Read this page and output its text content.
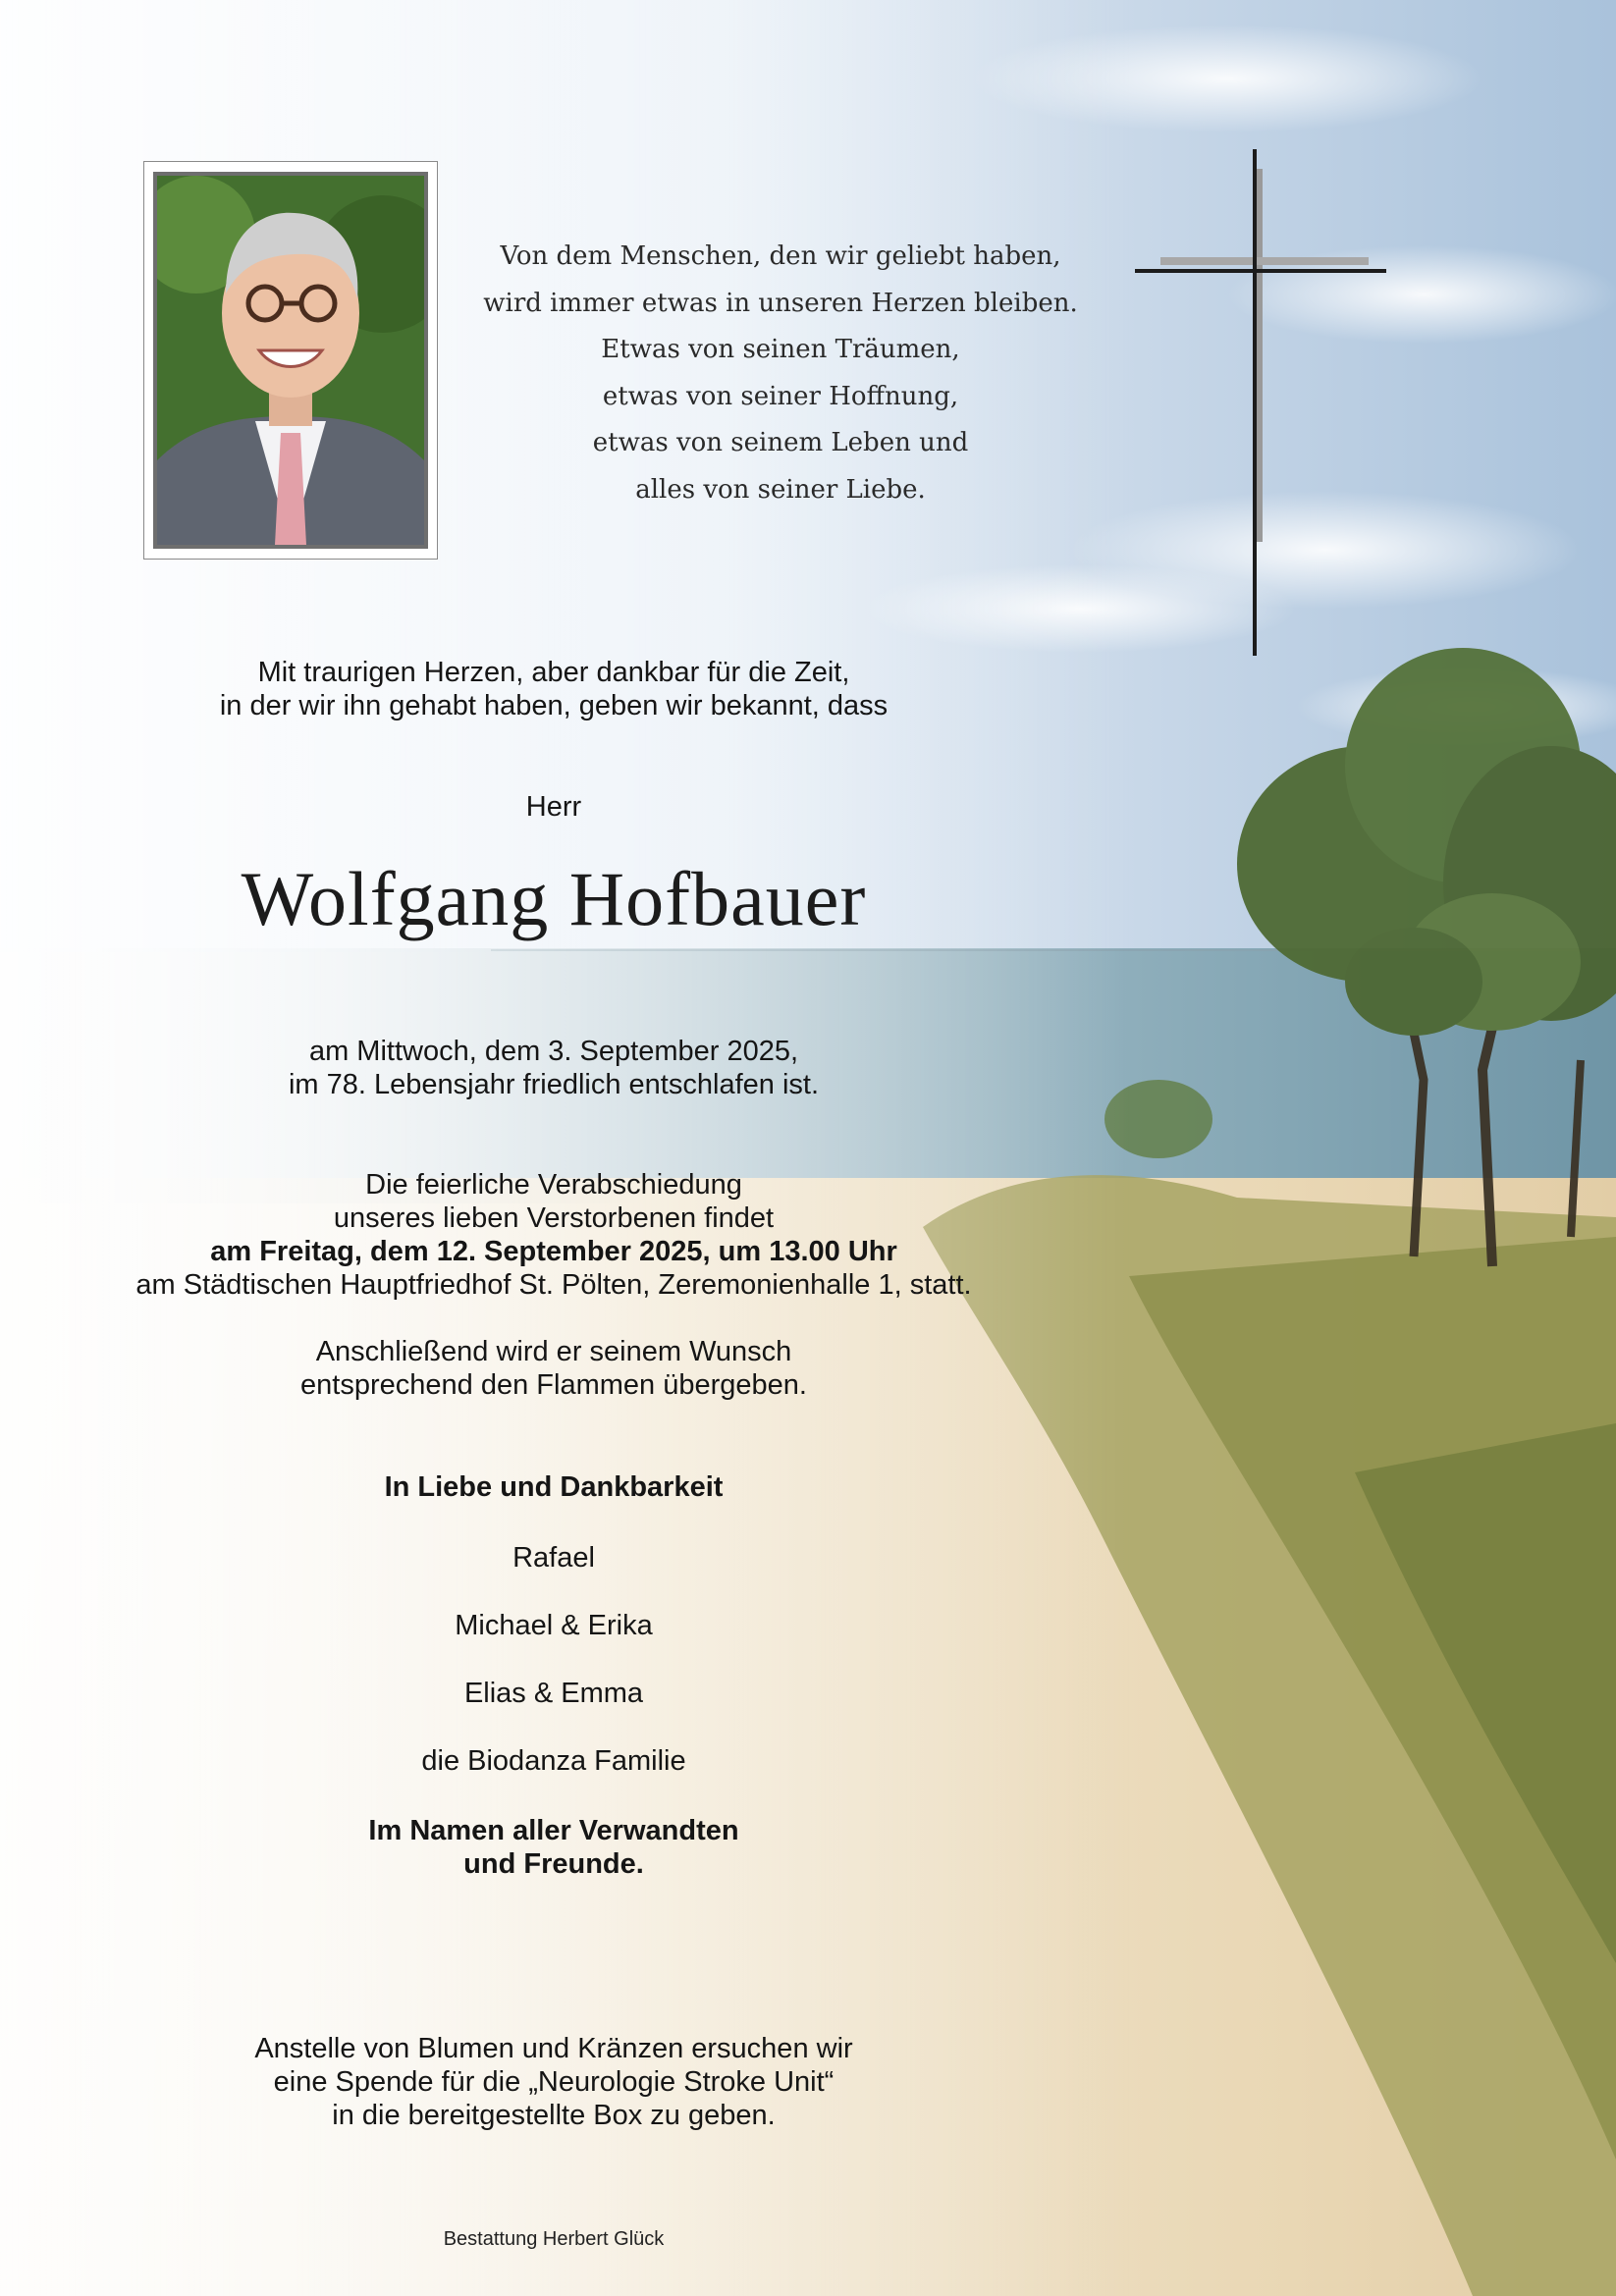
Von dem Menschen, den wir geliebt haben,
wird immer etwas in unseren Herzen bleiben.
Etwas von seinen Träumen,
etwas von seiner Hoffnung,
etwas von seinem Leben und
alles von seiner Liebe.
Mit traurigen Herzen, aber dankbar für die Zeit,
in der wir ihn gehabt haben, geben wir bekannt, dass
Herr
Wolfgang Hofbauer
am Mittwoch, dem 3. September 2025,
im 78. Lebensjahr friedlich entschlafen ist.
Die feierliche Verabschiedung
unseres lieben Verstorbenen findet
am Freitag, dem 12. September 2025, um 13.00 Uhr
am Städtischen Hauptfriedhof St. Pölten, Zeremonienhalle 1, statt.
Anschließend wird er seinem Wunsch
entsprechend den Flammen übergeben.
In Liebe und Dankbarkeit
Rafael
Michael & Erika
Elias & Emma
die Biodanza Familie
Im Namen aller Verwandten
und Freunde.
Anstelle von Blumen und Kränzen ersuchen wir
eine Spende für die „Neurologie Stroke Unit“
in die bereitgestellte Box zu geben.
Bestattung Herbert Glück
